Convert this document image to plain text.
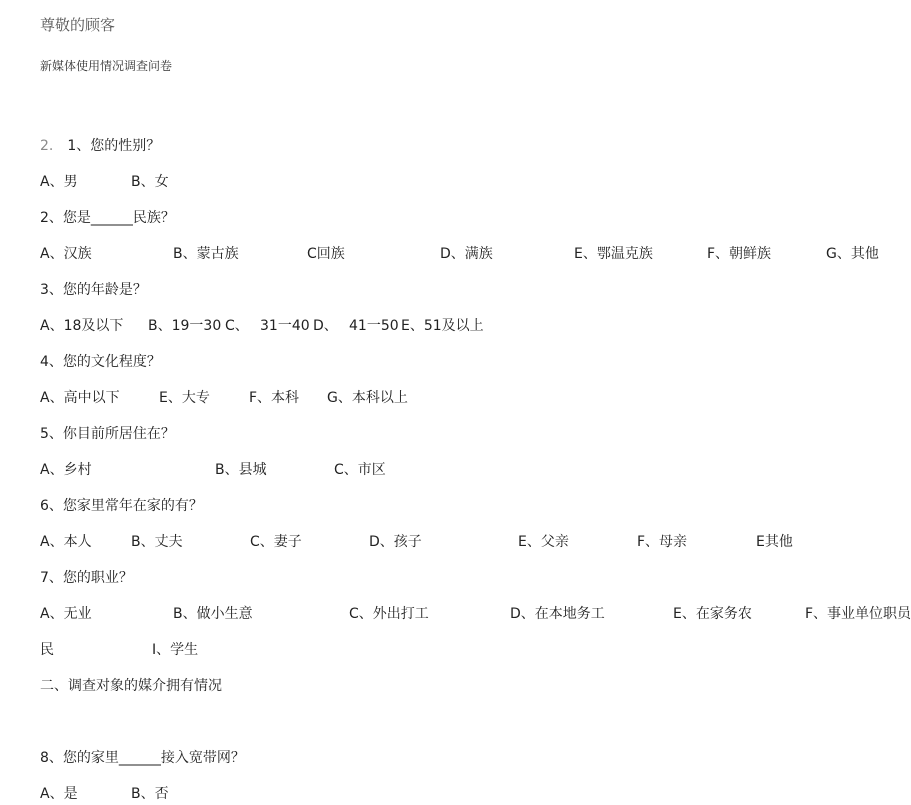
尊敬的顾客
新媒体使用情况调查问卷
2. 1、您的性别？
A、男	B、女
2、您是______民族？
A、汉族	B、蒙古族	C回族	D、满族	E、鄂温克族	F、朝鲜族	G、其他
3、您的年龄是？
A、18及以下 B、19一30 C、 31一40 D、 41一50 E、51及以上
4、您的文化程度？
A、高中以下	E、大专	F、本科 G、本科以上
5、你目前所居住在？
A、乡村	B、县城	C、市区
6、您家里常年在家的有？
A、本人	B、丈夫	C、妻子	D、孩子	E、父亲	F、母亲	E其他
7、您的职业？
A、无业	B、做小生意	C、外出打工	D、在本地务工	E、在家务农	F、事业单位职员
民	I、学生
二、调查对象的媒介拥有情况
8、您的家里______接入宽带网？
A、是	B、否
